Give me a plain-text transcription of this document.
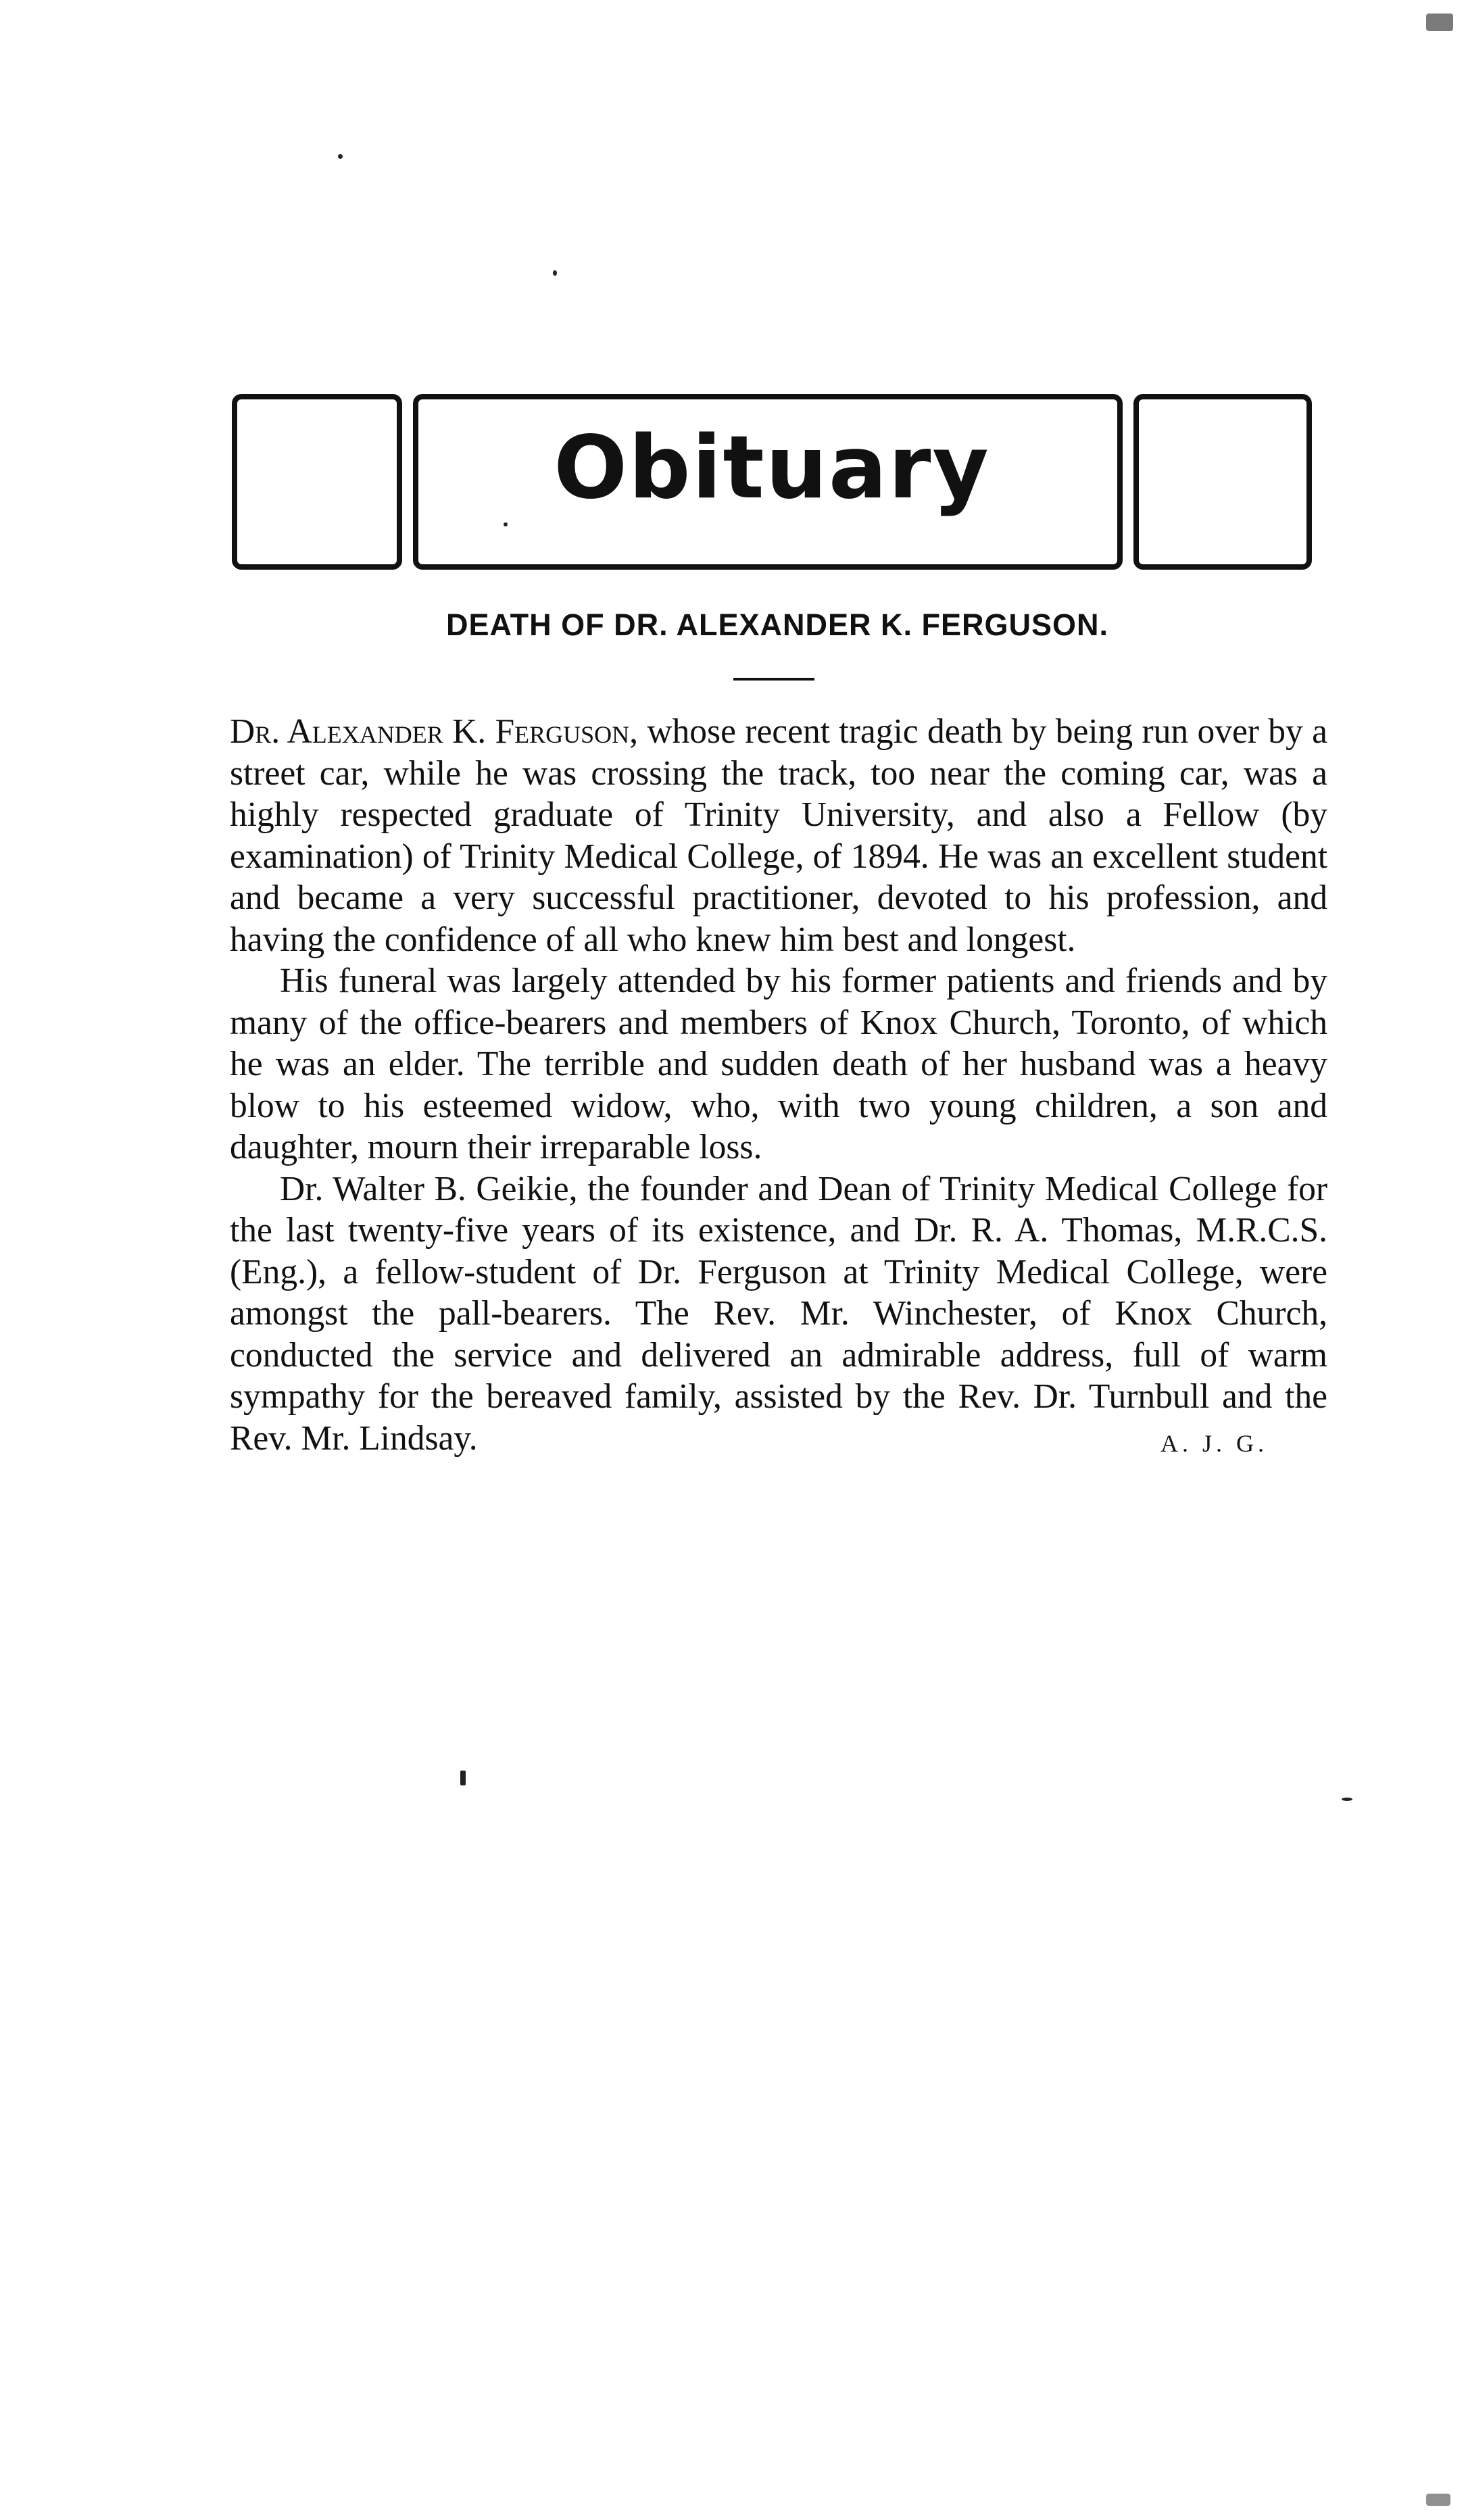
Obituary
DEATH OF DR. ALEXANDER K. FERGUSON.

Dr. Alexander K. Ferguson, whose recent tragic death by being run over by a street car, while he was crossing the track, too near the coming car, was a highly respected graduate of Trinity University, and also a Fellow (by examination) of Trinity Medical College, of 1894. He was an excellent student and became a very successful practitioner, devoted to his profession, and having the confidence of all who knew him best and longest.

His funeral was largely attended by his former patients and friends and by many of the office-bearers and members of Knox Church, Toronto, of which he was an elder. The terrible and sudden death of her husband was a heavy blow to his esteemed widow, who, with two young children, a son and daughter, mourn their irreparable loss.

Dr. Walter B. Geikie, the founder and Dean of Trinity Medical College for the last twenty-five years of its existence, and Dr. R. A. Thomas, M.R.C.S. (Eng.), a fellow-student of Dr. Ferguson at Trinity Medical College, were amongst the pall-bearers. The Rev. Mr. Winchester, of Knox Church, conducted the service and delivered an admirable address, full of warm sympathy for the bereaved family, assisted by the Rev. Dr. Turnbull and the Rev. Mr. Lindsay.	A. J. G.
